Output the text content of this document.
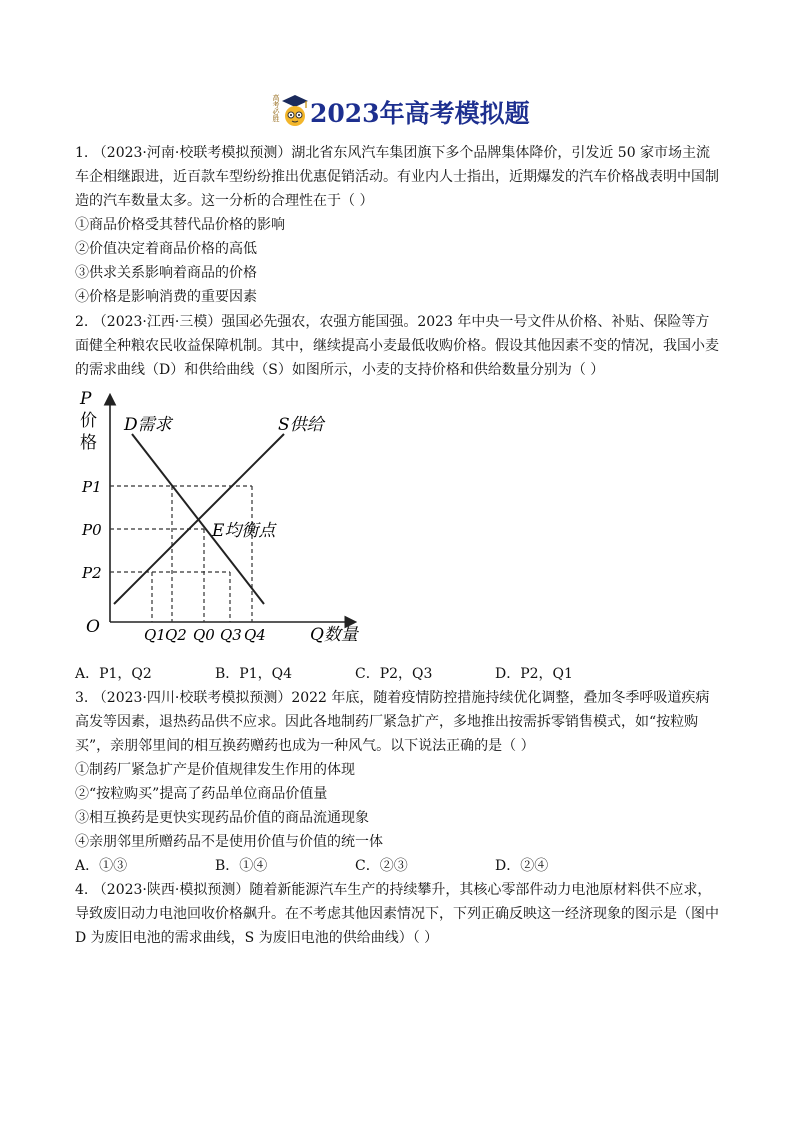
高考必胜 2023年高考模拟题

1. （2023·河南·校联考模拟预测）湖北省东风汽车集团旗下多个品牌集体降价，引发近 50 家市场主流

车企相继跟进，近百款车型纷纷推出优惠促销活动。有业内人士指出，近期爆发的汽车价格战表明中国制

造的汽车数量太多。这一分析的合理性在于（ ）

①商品价格受其替代品价格的影响

②价值决定着商品价格的高低

③供求关系影响着商品的价格

④价格是影响消费的重要因素

2. （2023·江西·三模）强国必先强农，农强方能国强。2023 年中央一号文件从价格、补贴、保险等方

面健全种粮农民收益保障机制。其中，继续提高小麦最低收购价格。假设其他因素不变的情况，我国小麦

的需求曲线（D）和供给曲线（S）如图所示，小麦的支持价格和供给数量分别为（ ）

P
价
格
O	Q数量
D需求	S供给
E均衡点
P1
P0
P2
Q1 Q2 Q0 Q3 Q4
A．P1，Q2	B．P1，Q4	C．P2，Q3	D．P2，Q1

3. （2023·四川·校联考模拟预测）2022 年底，随着疫情防控措施持续优化调整，叠加冬季呼吸道疾病

高发等因素，退热药品供不应求。因此各地制药厂紧急扩产，多地推出按需拆零销售模式，如“按粒购

买”，亲朋邻里间的相互换药赠药也成为一种风气。以下说法正确的是（ ）

①制药厂紧急扩产是价值规律发生作用的体现

②“按粒购买”提高了药品单位商品价值量

③相互换药是更快实现药品价值的商品流通现象

④亲朋邻里所赠药品不是使用价值与价值的统一体

A．①③	B．①④	C．②③	D．②④

4. （2023·陕西·模拟预测）随着新能源汽车生产的持续攀升，其核心零部件动力电池原材料供不应求，

导致废旧动力电池回收价格飙升。在不考虑其他因素情况下，下列正确反映这一经济现象的图示是（图中

D 为废旧电池的需求曲线，S 为废旧电池的供给曲线）（ ）
